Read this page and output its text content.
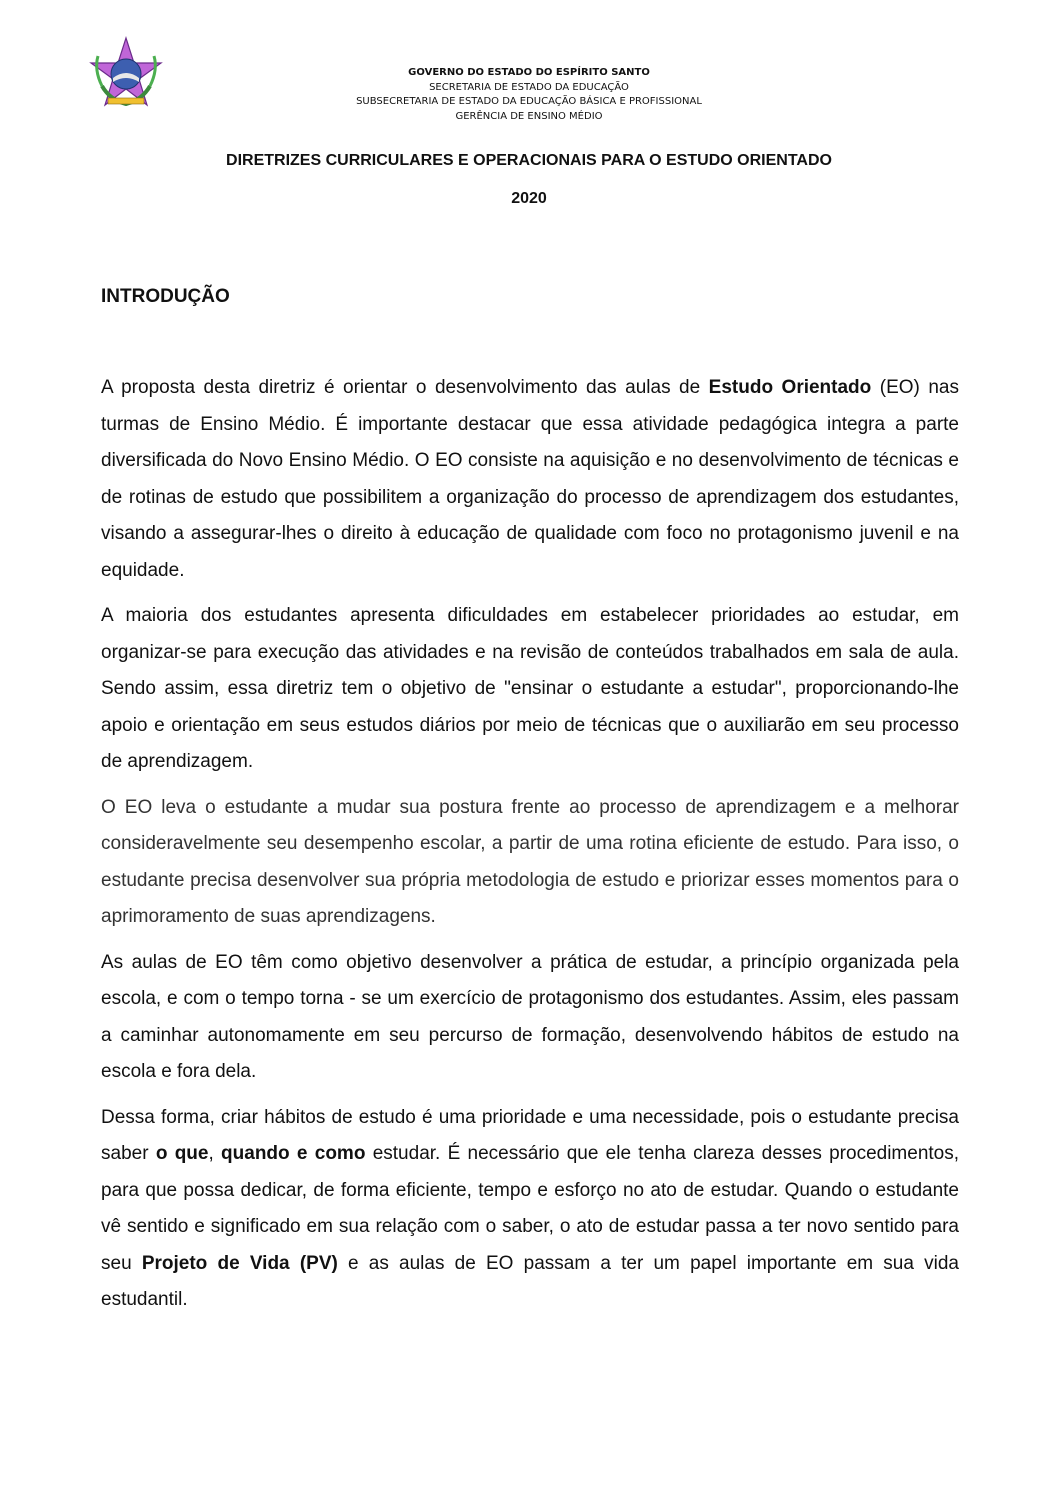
GOVERNO DO ESTADO DO ESPÍRITO SANTO
SECRETARIA DE ESTADO DA EDUCAÇÃO
SUBSECRETARIA DE ESTADO DA EDUCAÇÃO BÁSICA E PROFISSIONAL
GERÊNCIA DE ENSINO MÉDIO
DIRETRIZES CURRICULARES E OPERACIONAIS PARA O ESTUDO ORIENTADO
2020
INTRODUÇÃO

A proposta desta diretriz é orientar o desenvolvimento das aulas de Estudo Orientado (EO) nas turmas de Ensino Médio. É importante destacar que essa atividade pedagógica integra a parte diversificada do Novo Ensino Médio. O EO consiste na aquisição e no desenvolvimento de técnicas e de rotinas de estudo que possibilitem a organização do processo de aprendizagem dos estudantes, visando a assegurar-lhes o direito à educação de qualidade com foco no protagonismo juvenil e na equidade.

A maioria dos estudantes apresenta dificuldades em estabelecer prioridades ao estudar, em organizar-se para execução das atividades e na revisão de conteúdos trabalhados em sala de aula. Sendo assim, essa diretriz tem o objetivo de "ensinar o estudante a estudar", proporcionando-lhe apoio e orientação em seus estudos diários por meio de técnicas que o auxiliarão em seu processo de aprendizagem.

O EO leva o estudante a mudar sua postura frente ao processo de aprendizagem e a melhorar consideravelmente seu desempenho escolar, a partir de uma rotina eficiente de estudo. Para isso, o estudante precisa desenvolver sua própria metodologia de estudo e priorizar esses momentos para o aprimoramento de suas aprendizagens.

As aulas de EO têm como objetivo desenvolver a prática de estudar, a princípio organizada pela escola, e com o tempo torna - se um exercício de protagonismo dos estudantes. Assim, eles passam a caminhar autonomamente em seu percurso de formação, desenvolvendo hábitos de estudo na escola e fora dela.

Dessa forma, criar hábitos de estudo é uma prioridade e uma necessidade, pois o estudante precisa saber o que, quando e como estudar. É necessário que ele tenha clareza desses procedimentos, para que possa dedicar, de forma eficiente, tempo e esforço no ato de estudar. Quando o estudante vê sentido e significado em sua relação com o saber, o ato de estudar passa a ter novo sentido para seu Projeto de Vida (PV) e as aulas de EO passam a ter um papel importante em sua vida estudantil.
